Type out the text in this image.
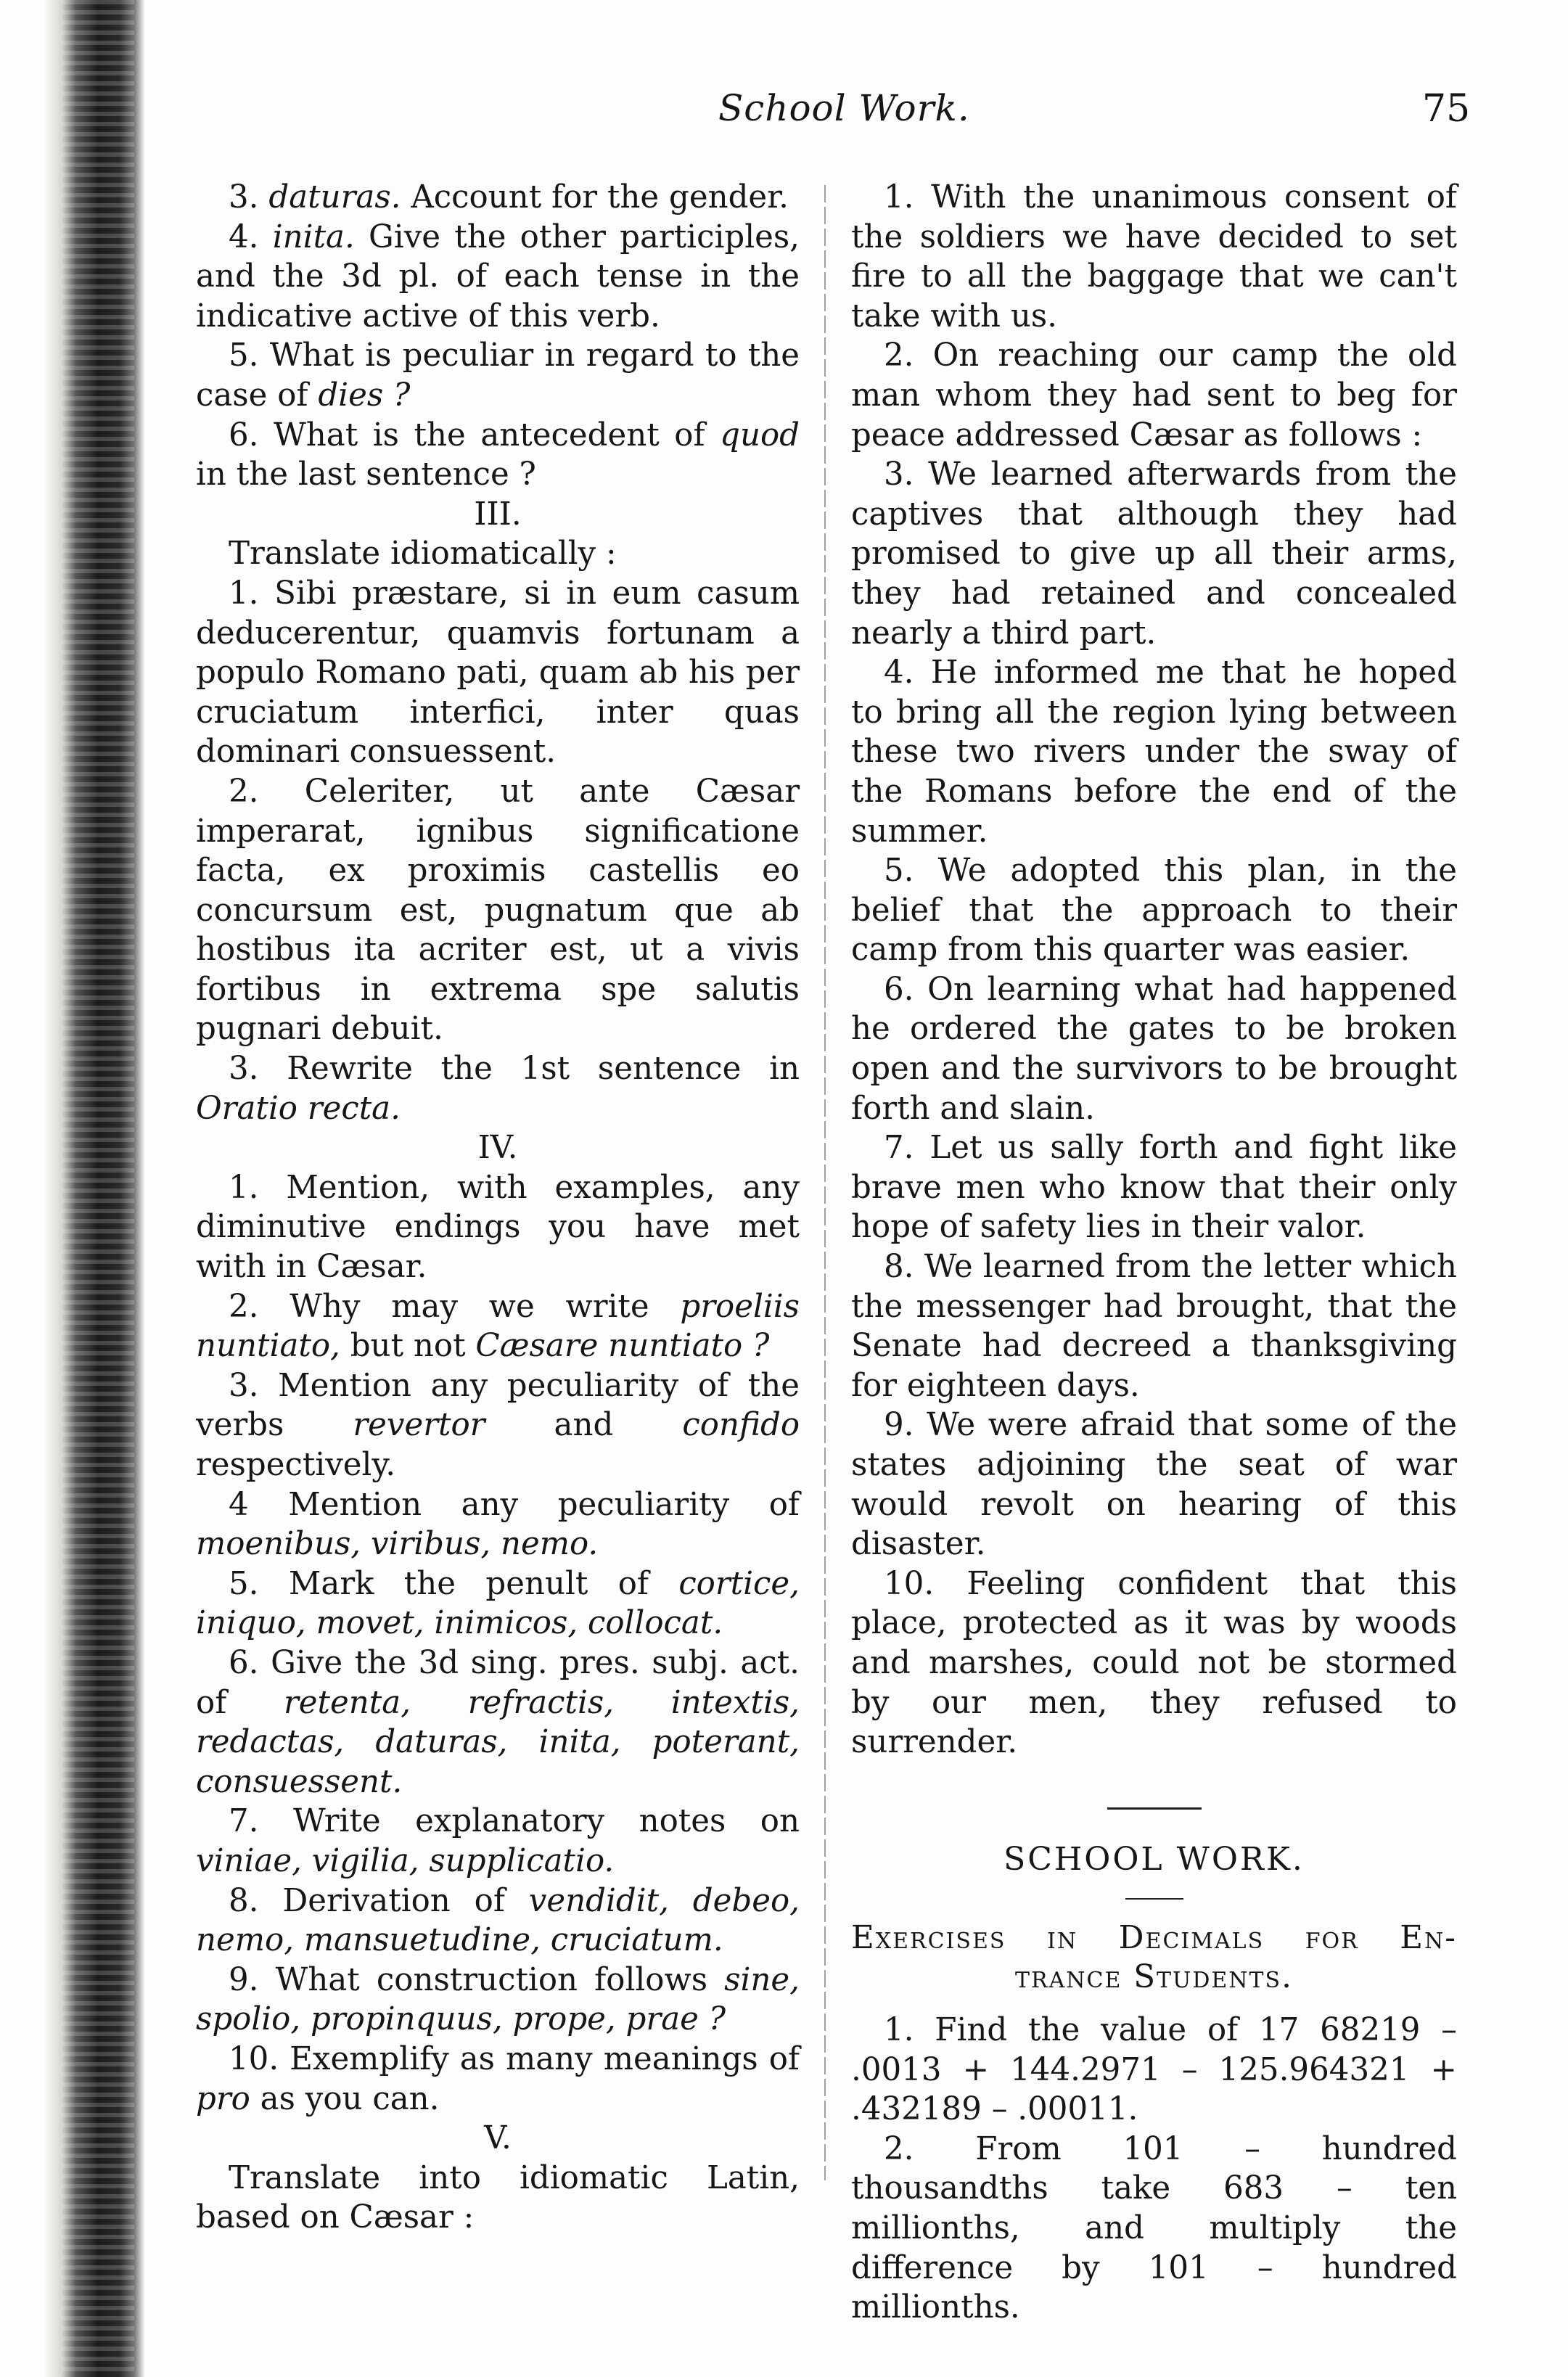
School Work.	75

3. daturas. Account for the gender.

4. inita. Give the other participles, and the 3d pl. of each tense in the indicative active of this verb.

5. What is peculiar in regard to the case of dies ?

6. What is the antecedent of quod in the last sentence ?

III.

Translate idiomatically :

1. Sibi præstare, si in eum casum deducerentur, quamvis fortunam a populo Romano pati, quam ab his per cruciatum interfici, inter quas dominari consuessent.

2. Celeriter, ut ante Cæsar imperarat, ignibus significatione facta, ex proximis castellis eo concursum est, pugnatum que ab hostibus ita acriter est, ut a vivis fortibus in extrema spe salutis pugnari debuit.

3. Rewrite the 1st sentence in Oratio recta.

IV.

1. Mention, with examples, any diminutive endings you have met with in Cæsar.

2. Why may we write proeliis nuntiato, but not Cæsare nuntiato ?

3. Mention any peculiarity of the verbs revertor and confido respectively.

4 Mention any peculiarity of moenibus, viribus, nemo.

5. Mark the penult of cortice, iniquo, movet, inimicos, collocat.

6. Give the 3d sing. pres. subj. act. of retenta, refractis, intextis, redactas, daturas, inita, poterant, consuessent.

7. Write explanatory notes on viniae, vigilia, supplicatio.

8. Derivation of vendidit, debeo, nemo, mansuetudine, cruciatum.

9. What construction follows sine, spolio, propinquus, prope, prae ?

10. Exemplify as many meanings of pro as you can.

V.

Translate into idiomatic Latin, based on Cæsar :

1. With the unanimous consent of the soldiers we have decided to set fire to all the baggage that we can't take with us.

2. On reaching our camp the old man whom they had sent to beg for peace addressed Cæsar as follows :

3. We learned afterwards from the captives that although they had promised to give up all their arms, they had retained and concealed nearly a third part.

4. He informed me that he hoped to bring all the region lying between these two rivers under the sway of the Romans before the end of the summer.

5. We adopted this plan, in the belief that the approach to their camp from this quarter was easier.

6. On learning what had happened he ordered the gates to be broken open and the survivors to be brought forth and slain.

7. Let us sally forth and fight like brave men who know that their only hope of safety lies in their valor.

8. We learned from the letter which the messenger had brought, that the Senate had decreed a thanksgiving for eighteen days.

9. We were afraid that some of the states adjoining the seat of war would revolt on hearing of this disaster.

10. Feeling confident that this place, protected as it was by woods and marshes, could not be stormed by our men, they refused to surrender.

SCHOOL WORK.

Exercises in Decimals for En-

trance Students.

1. Find the value of 17 68219 – .0013 + 144.2971 – 125.964321 + .432189 – .00011.

2. From 101 – hundred thousandths take 683 – ten millionths, and multiply the difference by 101 – hundred millionths.
